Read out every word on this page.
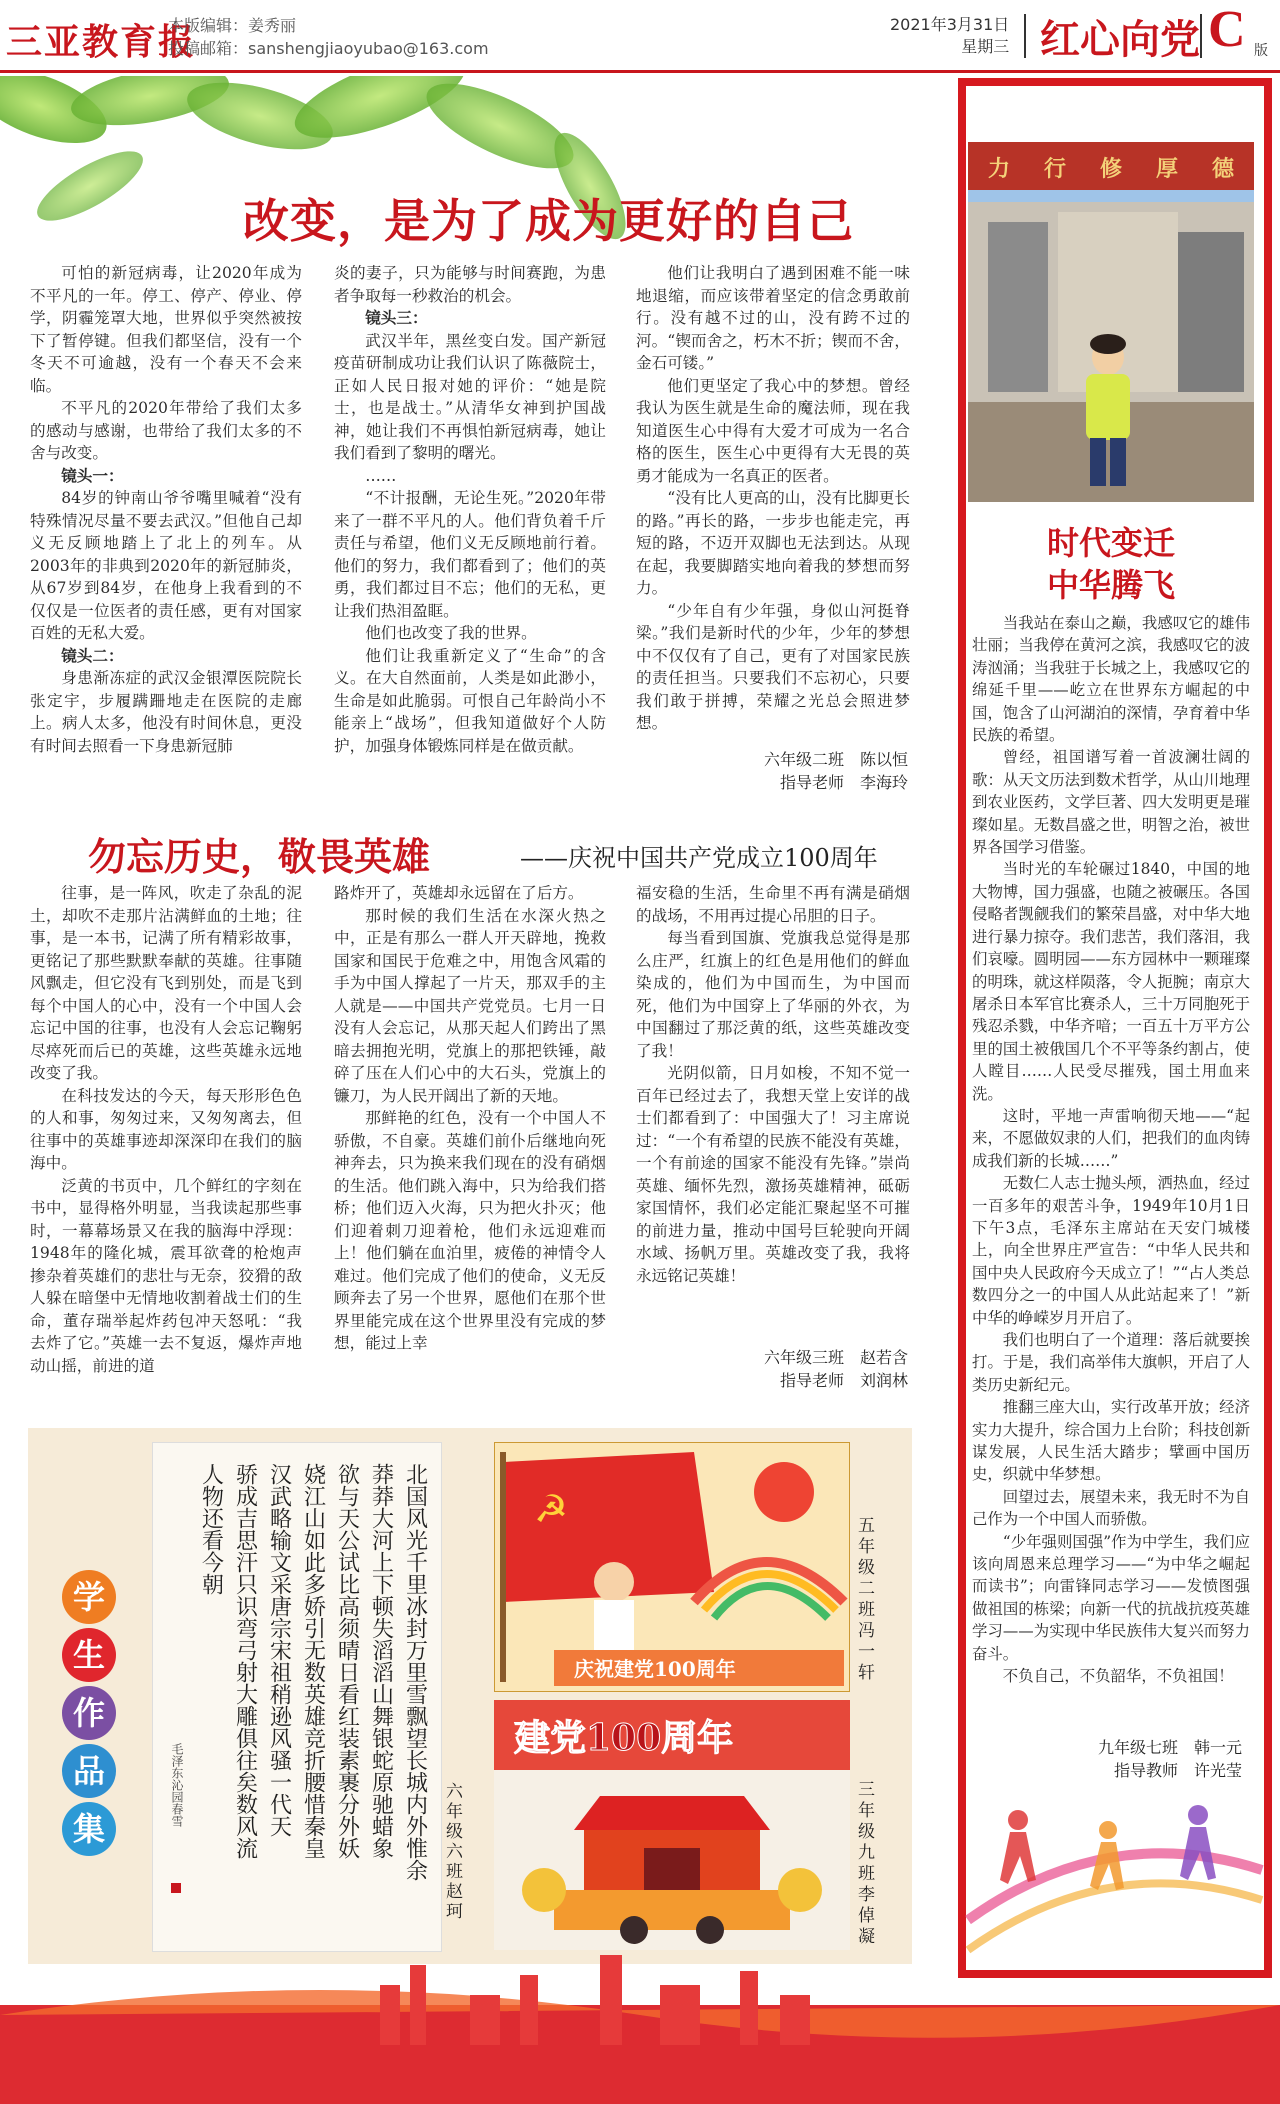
三亚教育报
本版编辑：姜秀丽
投稿邮箱：sanshengjiaoyubao@163.com
2021年3月31日
星期三 红心向党 C 版
改变，是为了成为更好的自己

可怕的新冠病毒，让2020年成为不平凡的一年。停工、停产、停业、停学，阴霾笼罩大地，世界似乎突然被按下了暂停键。但我们都坚信，没有一个冬天不可逾越，没有一个春天不会来临。

不平凡的2020年带给了我们太多的感动与感谢，也带给了我们太多的不舍与改变。

镜头一：

84岁的钟南山爷爷嘴里喊着“没有特殊情况尽量不要去武汉。”但他自己却义无反顾地踏上了北上的列车。从2003年的非典到2020年的新冠肺炎，从67岁到84岁，在他身上我看到的不仅仅是一位医者的责任感，更有对国家百姓的无私大爱。

镜头二：

身患渐冻症的武汉金银潭医院院长张定宇，步履蹒跚地走在医院的走廊上。病人太多，他没有时间休息，更没有时间去照看一下身患新冠肺

炎的妻子，只为能够与时间赛跑，为患者争取每一秒救治的机会。

镜头三：

武汉半年，黑丝变白发。国产新冠疫苗研制成功让我们认识了陈薇院士，正如人民日报对她的评价：“她是院士，也是战士。”从清华女神到护国战神，她让我们不再惧怕新冠病毒，她让我们看到了黎明的曙光。

……

“不计报酬，无论生死。”2020年带来了一群不平凡的人。他们背负着千斤责任与希望，他们义无反顾地前行着。他们的努力，我们都看到了；他们的英勇，我们都过目不忘；他们的无私，更让我们热泪盈眶。

他们也改变了我的世界。

他们让我重新定义了“生命”的含义。在大自然面前，人类是如此渺小，生命是如此脆弱。可恨自己年龄尚小不能亲上“战场”，但我知道做好个人防护，加强身体锻炼同样是在做贡献。

他们让我明白了遇到困难不能一味地退缩，而应该带着坚定的信念勇敢前行。没有越不过的山，没有跨不过的河。“锲而舍之，朽木不折；锲而不舍，金石可镂。”

他们更坚定了我心中的梦想。曾经我认为医生就是生命的魔法师，现在我知道医生心中得有大爱才可成为一名合格的医生，医生心中更得有大无畏的英勇才能成为一名真正的医者。

“没有比人更高的山，没有比脚更长的路。”再长的路，一步步也能走完，再短的路，不迈开双脚也无法到达。从现在起，我要脚踏实地向着我的梦想而努力。

“少年自有少年强，身似山河挺脊梁。”我们是新时代的少年，少年的梦想中不仅仅有了自己，更有了对国家民族的责任担当。只要我们不忘初心，只要我们敢于拼搏，荣耀之光总会照进梦想。

六年级二班　陈以恒
指导老师　李海玲
勿忘历史，敬畏英雄	——庆祝中国共产党成立100周年

往事，是一阵风，吹走了杂乱的泥土，却吹不走那片沾满鲜血的土地；往事，是一本书，记满了所有精彩故事，更铭记了那些默默奉献的英雄。往事随风飘走，但它没有飞到别处，而是飞到每个中国人的心中，没有一个中国人会忘记中国的往事，也没有人会忘记鞠躬尽瘁死而后已的英雄，这些英雄永远地改变了我。

在科技发达的今天，每天形形色色的人和事，匆匆过来，又匆匆离去，但往事中的英雄事迹却深深印在我们的脑海中。

泛黄的书页中，几个鲜红的字刻在书中，显得格外明显，当我读起那些事时，一幕幕场景又在我的脑海中浮现：1948年的隆化城，震耳欲聋的枪炮声掺杂着英雄们的悲壮与无奈，狡猾的敌人躲在暗堡中无情地收割着战士们的生命，董存瑞举起炸药包冲天怒吼：“我去炸了它。”英雄一去不复返，爆炸声地动山摇，前进的道

路炸开了，英雄却永远留在了后方。

那时候的我们生活在水深火热之中，正是有那么一群人开天辟地，挽救国家和国民于危难之中，用饱含风霜的手为中国人撑起了一片天，那双手的主人就是——中国共产党党员。七月一日没有人会忘记，从那天起人们跨出了黑暗去拥抱光明，党旗上的那把铁锤，敲碎了压在人们心中的大石头，党旗上的镰刀，为人民开阔出了新的天地。

那鲜艳的红色，没有一个中国人不骄傲，不自豪。英雄们前仆后继地向死神奔去，只为换来我们现在的没有硝烟的生活。他们跳入海中，只为给我们搭桥；他们迈入火海，只为把火扑灭；他们迎着刺刀迎着枪，他们永远迎难而上！他们躺在血泊里，疲倦的神情令人难过。他们完成了他们的使命，义无反顾奔去了另一个世界，愿他们在那个世界里能完成在这个世界里没有完成的梦想，能过上幸

福安稳的生活，生命里不再有满是硝烟的战场，不用再过提心吊胆的日子。

每当看到国旗、党旗我总觉得是那么庄严，红旗上的红色是用他们的鲜血染成的，他们为中国而生，为中国而死，他们为中国穿上了华丽的外衣，为中国翻过了那泛黄的纸，这些英雄改变了我！

光阴似箭，日月如梭，不知不觉一百年已经过去了，我想天堂上安详的战士们都看到了：中国强大了！习主席说过：“一个有希望的民族不能没有英雄，一个有前途的国家不能没有先锋。”崇尚英雄、缅怀先烈，激扬英雄精神，砥砺家国情怀，我们必定能汇聚起坚不可摧的前进力量，推动中国号巨轮驶向开阔水域、扬帆万里。英雄改变了我，我将永远铭记英雄！

六年级三班　赵若含
指导老师　刘润林
力 行 修 厚 德
时代变迁
中华腾飞

当我站在泰山之巅，我感叹它的雄伟壮丽；当我停在黄河之滨，我感叹它的波涛汹涌；当我驻于长城之上，我感叹它的绵延千里——屹立在世界东方崛起的中国，饱含了山河湖泊的深情，孕育着中华民族的希望。

曾经，祖国谱写着一首波澜壮阔的歌：从天文历法到数术哲学，从山川地理到农业医药，文学巨著、四大发明更是璀璨如星。无数昌盛之世，明智之治，被世界各国学习借鉴。

当时光的车轮碾过1840，中国的地大物博，国力强盛，也随之被碾压。各国侵略者觊觎我们的繁荣昌盛，对中华大地进行暴力掠夺。我们悲苦，我们落泪，我们哀嚎。圆明园——东方园林中一颗璀璨的明珠，就这样陨落，令人扼腕；南京大屠杀日本军官比赛杀人，三十万同胞死于残忍杀戮，中华齐喑；一百五十万平方公里的国土被俄国几个不平等条约割占，使人瞠目……人民受尽摧残，国土用血来洗。

这时，平地一声雷响彻天地——“起来，不愿做奴隶的人们，把我们的血肉铸成我们新的长城……”

无数仁人志士抛头颅，洒热血，经过一百多年的艰苦斗争，1949年10月1日下午3点，毛泽东主席站在天安门城楼上，向全世界庄严宣告：“中华人民共和国中央人民政府今天成立了！”“占人类总数四分之一的中国人从此站起来了！”新中华的峥嵘岁月开启了。

我们也明白了一个道理：落后就要挨打。于是，我们高举伟大旗帜，开启了人类历史新纪元。

推翻三座大山，实行改革开放；经济实力大提升，综合国力上台阶；科技创新谋发展，人民生活大踏步；擘画中国历史，织就中华梦想。

回望过去，展望未来，我无时不为自己作为一个中国人而骄傲。

“少年强则国强”作为中学生，我们应该向周恩来总理学习——“为中华之崛起而读书”；向雷锋同志学习——发愤图强做祖国的栋梁；向新一代的抗战抗疫英雄学习——为实现中华民族伟大复兴而努力奋斗。

不负自己，不负韶华，不负祖国！

九年级七班　韩一元
指导教师　许光莹
学
生
作
品
集	北国风光千里冰封万里雪飘望长城内外惟余
莽莽大河上下顿失滔滔山舞银蛇原驰蜡象
欲与天公试比高须晴日看红装素裹分外妖
娆江山如此多娇引无数英雄竞折腰惜秦皇
汉武略输文采唐宗宋祖稍逊风骚一代天
骄成吉思汗只识弯弓射大雕俱往矣数风流
人物还看今朝
毛泽东沁园春雪	六年级六班 赵珂
☭
庆祝建党100周年
五年级二班 冯一轩
建党100周年
三年级九班 李倬凝
